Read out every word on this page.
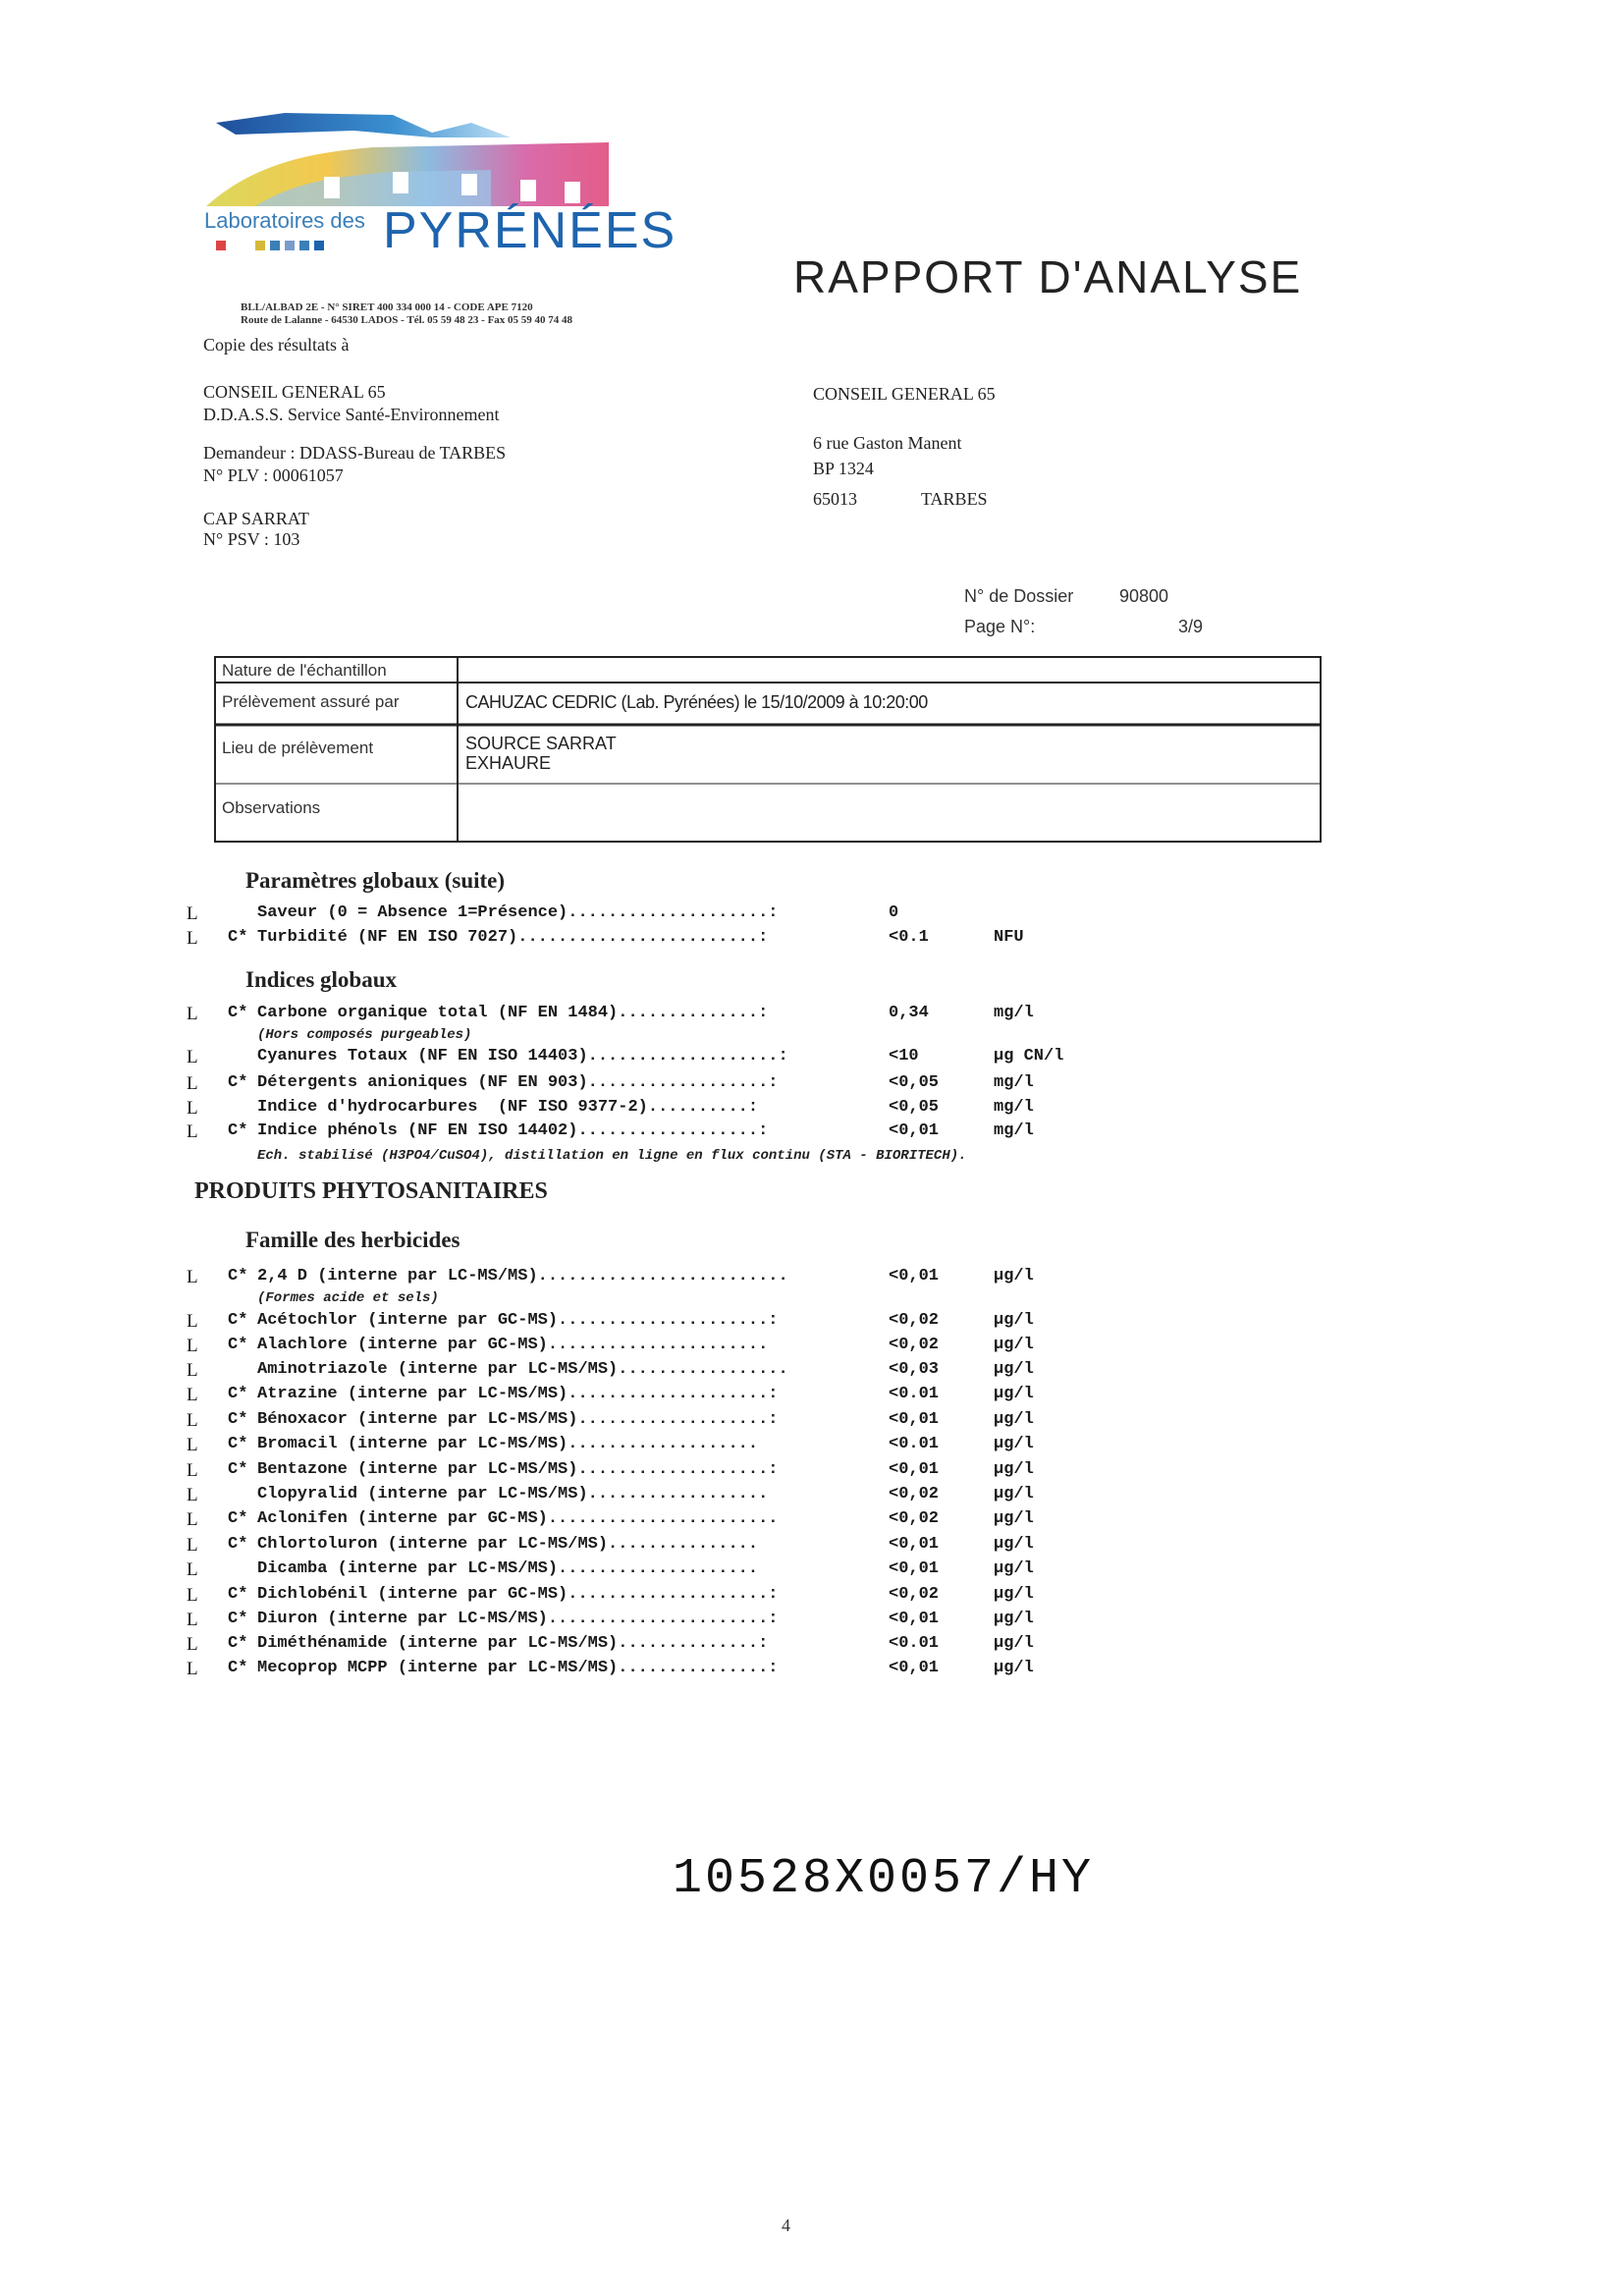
Laboratoires des PYRÉNÉES
RAPPORT D'ANALYSE
BLL/ALBAD 2E - N° SIRET 400 334 000 14 - CODE APE 7120
Route de Lalanne - 64530 LADOS - Tél. 05 59 48 23 - Fax 05 59 40 74 48
Copie des résultats à
CONSEIL GENERAL 65
D.D.A.S.S. Service Santé-Environnement
Demandeur : DDASS-Bureau de TARBES
N° PLV : 00061057
CAP SARRAT
N° PSV : 103
CONSEIL GENERAL 65
6 rue Gaston Manent
BP 1324
65013	TARBES
N° de Dossier	90800
Page N°:	3/9
Nature de l'échantillon
Prélèvement assuré par	CAHUZAC CEDRIC (Lab. Pyrénées) le 15/10/2009 à 10:20:00
Lieu de prélèvement	SOURCE SARRAT
EXHAURE
Observations
Paramètres globaux (suite)
L	Saveur (0 = Absence 1=Présence)....................:	0
L C* Turbidité (NF EN ISO 7027)........................:	<0.1	NFU
Indices globaux
L C* Carbone organique total (NF EN 1484)..............:	0,34	mg/l
(Hors composés purgeables)
L	Cyanures Totaux (NF EN ISO 14403)...................:	<10	µg CN/l
L C* Détergents anioniques (NF EN 903)..................:	<0,05	mg/l
L	Indice d'hydrocarbures  (NF ISO 9377-2)..........:	<0,05	mg/l
L C* Indice phénols (NF EN ISO 14402)..................:	<0,01	mg/l
Ech. stabilisé (H3PO4/CuSO4), distillation en ligne en flux continu (STA - BIORITECH).
PRODUITS PHYTOSANITAIRES
Famille des herbicides
L C* 2,4 D (interne par LC-MS/MS).........................	<0,01	µg/l
(Formes acide et sels)
L C* Acétochlor (interne par GC-MS).....................:	<0,02	µg/l
L C* Alachlore (interne par GC-MS)......................	<0,02	µg/l
L	Aminotriazole (interne par LC-MS/MS).................	<0,03	µg/l
L C* Atrazine (interne par LC-MS/MS)....................:	<0.01	µg/l
L C* Bénoxacor (interne par LC-MS/MS)...................:	<0,01	µg/l
L C* Bromacil (interne par LC-MS/MS)...................	<0.01	µg/l
L C* Bentazone (interne par LC-MS/MS)...................:	<0,01	µg/l
L	Clopyralid (interne par LC-MS/MS)..................	<0,02	µg/l
L C* Aclonifen (interne par GC-MS).......................	<0,02	µg/l
L C* Chlortoluron (interne par LC-MS/MS)...............	<0,01	µg/l
L	Dicamba (interne par LC-MS/MS)....................	<0,01	µg/l
L C* Dichlobénil (interne par GC-MS)....................:	<0,02	µg/l
L C* Diuron (interne par LC-MS/MS)......................:	<0,01	µg/l
L C* Diméthénamide (interne par LC-MS/MS)..............:	<0.01	µg/l
L C* Mecoprop MCPP (interne par LC-MS/MS)...............:	<0,01	µg/l
10528X0057/HY
4
